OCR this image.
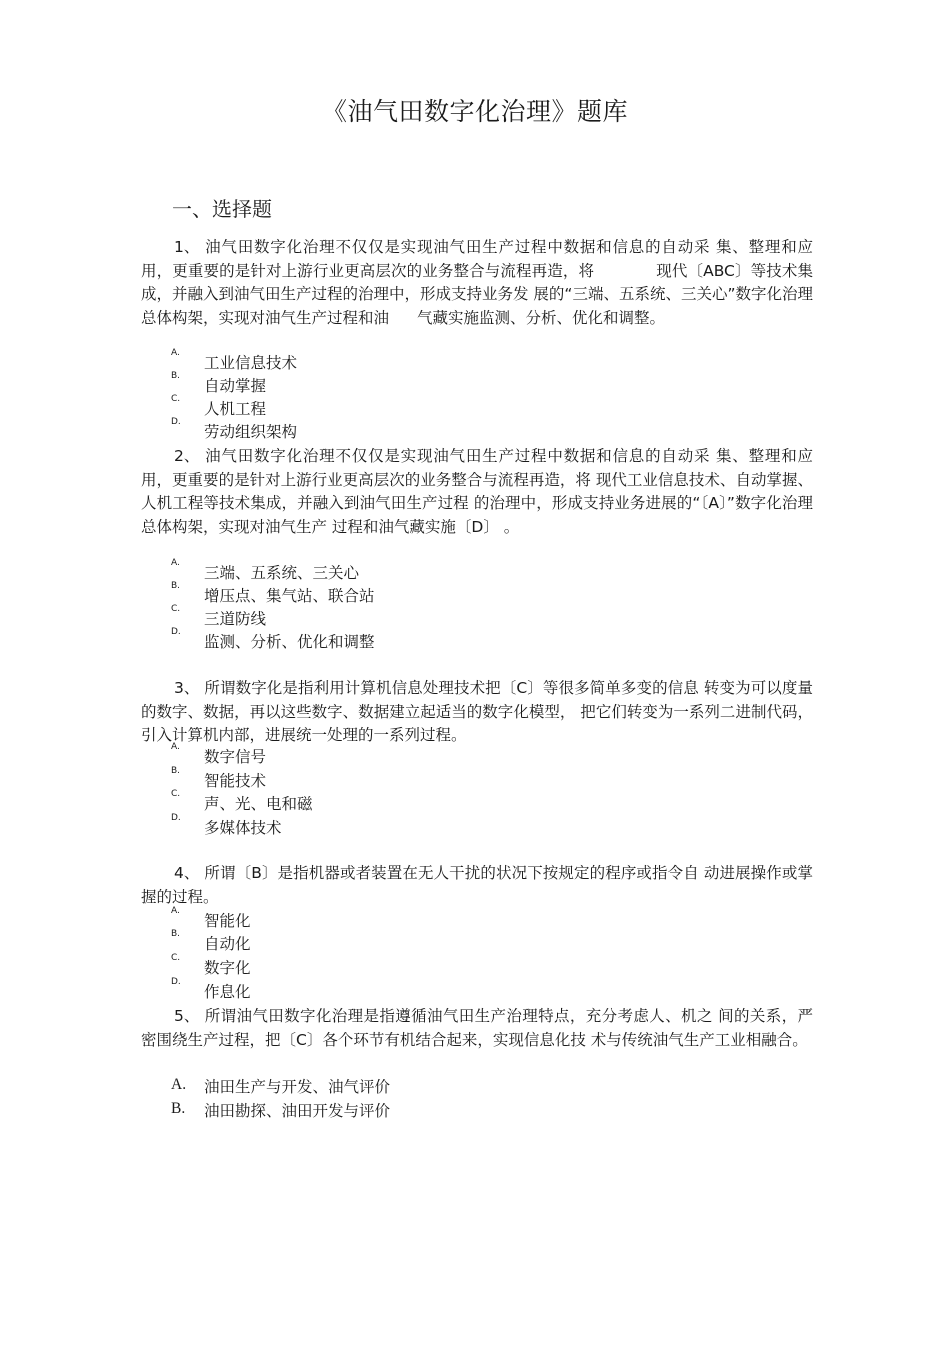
《油气田数字化治理》题库
一、选择题
1、 油气田数字化治理不仅仅是实现油气田生产过程中数据和信息的自动采 集、整理和应用，更重要的是针对上游行业更高层次的业务整合与流程再造，将	现代〔ABC〕等技术集成，并融入到油气田生产过程的治理中，形成支持业务发 展的“三端、五系统、三关心”数字化治理总体构架，实现对油气生产过程和油 气藏实施监测、分析、优化和调整。
A.
工业信息技术
B.
自动掌握
C.
人机工程
D.
劳动组织架构
2、 油气田数字化治理不仅仅是实现油气田生产过程中数据和信息的自动采 集、整理和应用，更重要的是针对上游行业更高层次的业务整合与流程再造，将 现代工业信息技术、自动掌握、人机工程等技术集成，并融入到油气田生产过程 的治理中，形成支持业务进展的“〔A〕”数字化治理总体构架，实现对油气生产 过程和油气藏实施〔D〕 。
A.
三端、五系统、三关心
B.
增压点、集气站、联合站
C.
三道防线
D.
监测、分析、优化和调整
3、 所谓数字化是指利用计算机信息处理技术把〔C〕等很多简单多变的信息 转变为可以度量的数字、数据，再以这些数字、数据建立起适当的数字化模型， 把它们转变为一系列二进制代码，引入计算机内部，进展统一处理的一系列过程。
A.
数字信号
B.
智能技术
C.
声、光、电和磁
D.
多媒体技术
4、 所谓〔B〕是指机器或者装置在无人干扰的状况下按规定的程序或指令自 动进展操作或掌握的过程。
A.
智能化
B.
自动化
C.
数字化
D.
作息化
5、 所谓油气田数字化治理是指遵循油气田生产治理特点，充分考虑人、机之 间的关系，严密围绕生产过程，把〔C〕各个环节有机结合起来，实现信息化技 术与传统油气生产工业相融合。
A. 油田生产与开发、油气评价
B. 油田勘探、油田开发与评价
